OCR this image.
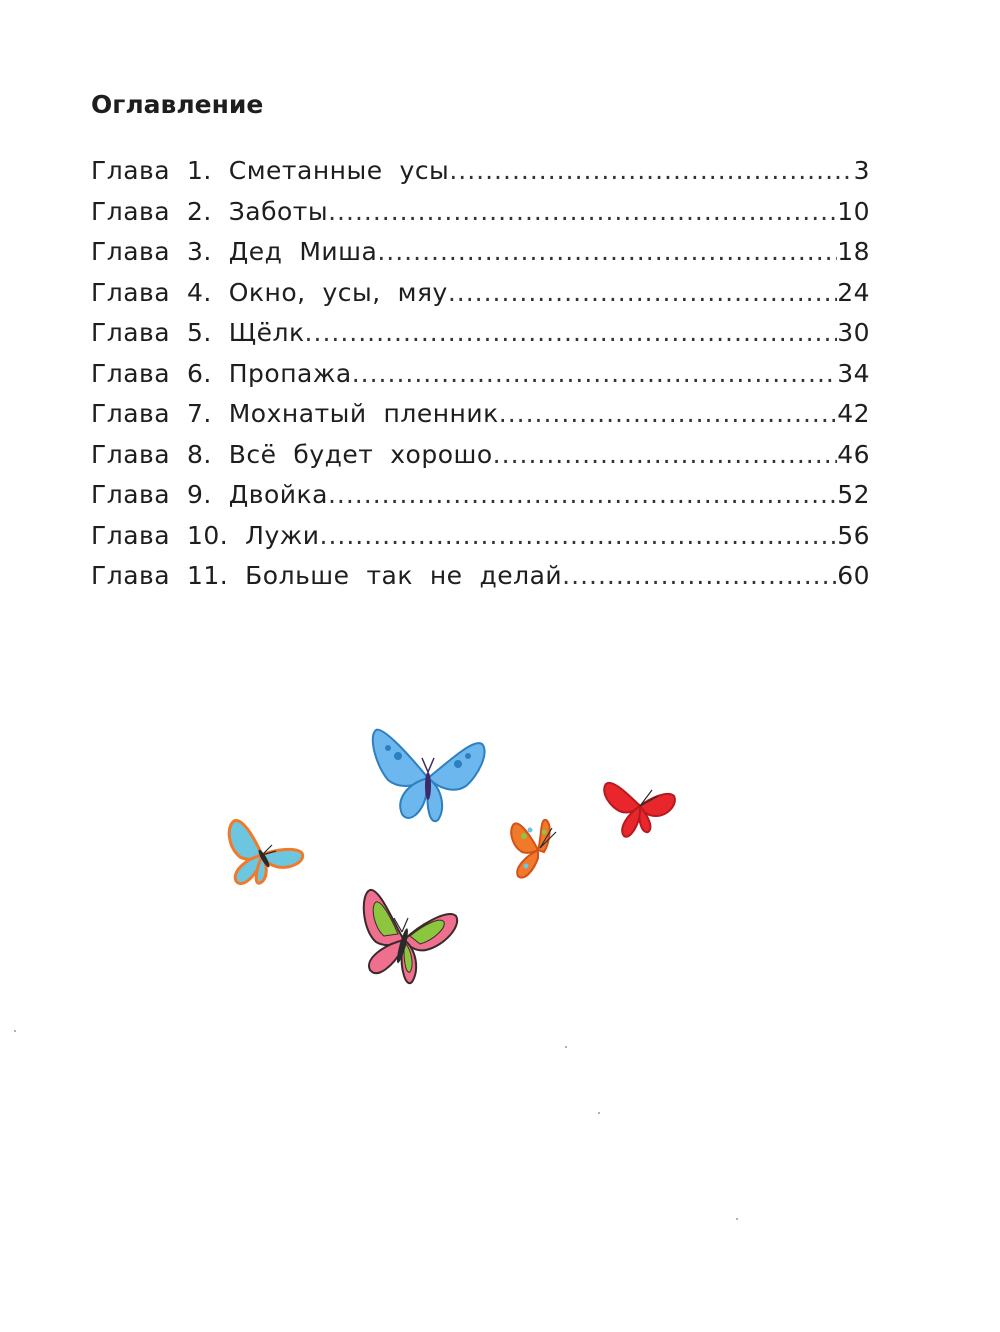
Оглавление
Глава  1.  Сметанные  усы .....	3
Глава  2.  Заботы .....	10
Глава  3.  Дед  Миша .....	18
Глава  4.  Окно,  усы,  мяу .....	24
Глава  5.  Щёлк .....	30
Глава  6.  Пропажа .....	34
Глава  7.  Мохнатый  пленник .....	42
Глава  8.  Всё  будет  хорошо .....	46
Глава  9.  Двойка .....	52
Глава  10.  Лужи .....	56
Глава  11.  Больше  так  не  делай .....	60
